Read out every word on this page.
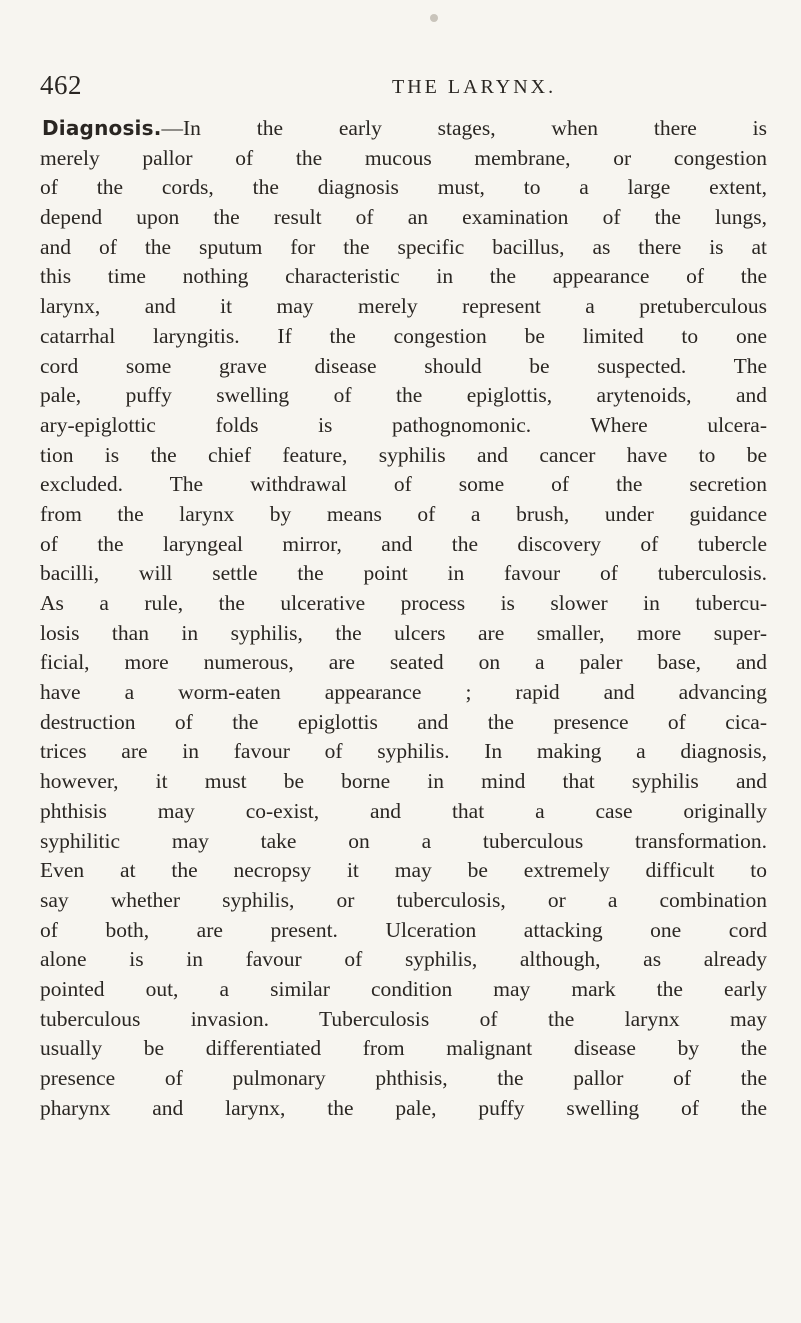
462	THE LARYNX.
Diagnosis.—In the early stages, when there is
merely pallor of the mucous membrane, or congestion
of the cords, the diagnosis must, to a large extent,
depend upon the result of an examination of the lungs,
and of the sputum for the specific bacillus, as there is at
this time nothing characteristic in the appearance of the
larynx, and it may merely represent a pretuberculous
catarrhal laryngitis. If the congestion be limited to one
cord some grave disease should be suspected. The
pale, puffy swelling of the epiglottis, arytenoids, and
ary-epiglottic folds is pathognomonic. Where ulcera-
tion is the chief feature, syphilis and cancer have to be
excluded. The withdrawal of some of the secretion
from the larynx by means of a brush, under guidance
of the laryngeal mirror, and the discovery of tubercle
bacilli, will settle the point in favour of tuberculosis.
As a rule, the ulcerative process is slower in tubercu-
losis than in syphilis, the ulcers are smaller, more super-
ficial, more numerous, are seated on a paler base, and
have a worm-eaten appearance ; rapid and advancing
destruction of the epiglottis and the presence of cica-
trices are in favour of syphilis. In making a diagnosis,
however, it must be borne in mind that syphilis and
phthisis may co-exist, and that a case originally
syphilitic may take on a tuberculous transformation.
Even at the necropsy it may be extremely difficult to
say whether syphilis, or tuberculosis, or a combination
of both, are present. Ulceration attacking one cord
alone is in favour of syphilis, although, as already
pointed out, a similar condition may mark the early
tuberculous invasion. Tuberculosis of the larynx may
usually be differentiated from malignant disease by the
presence of pulmonary phthisis, the pallor of the
pharynx and larynx, the pale, puffy swelling of the
